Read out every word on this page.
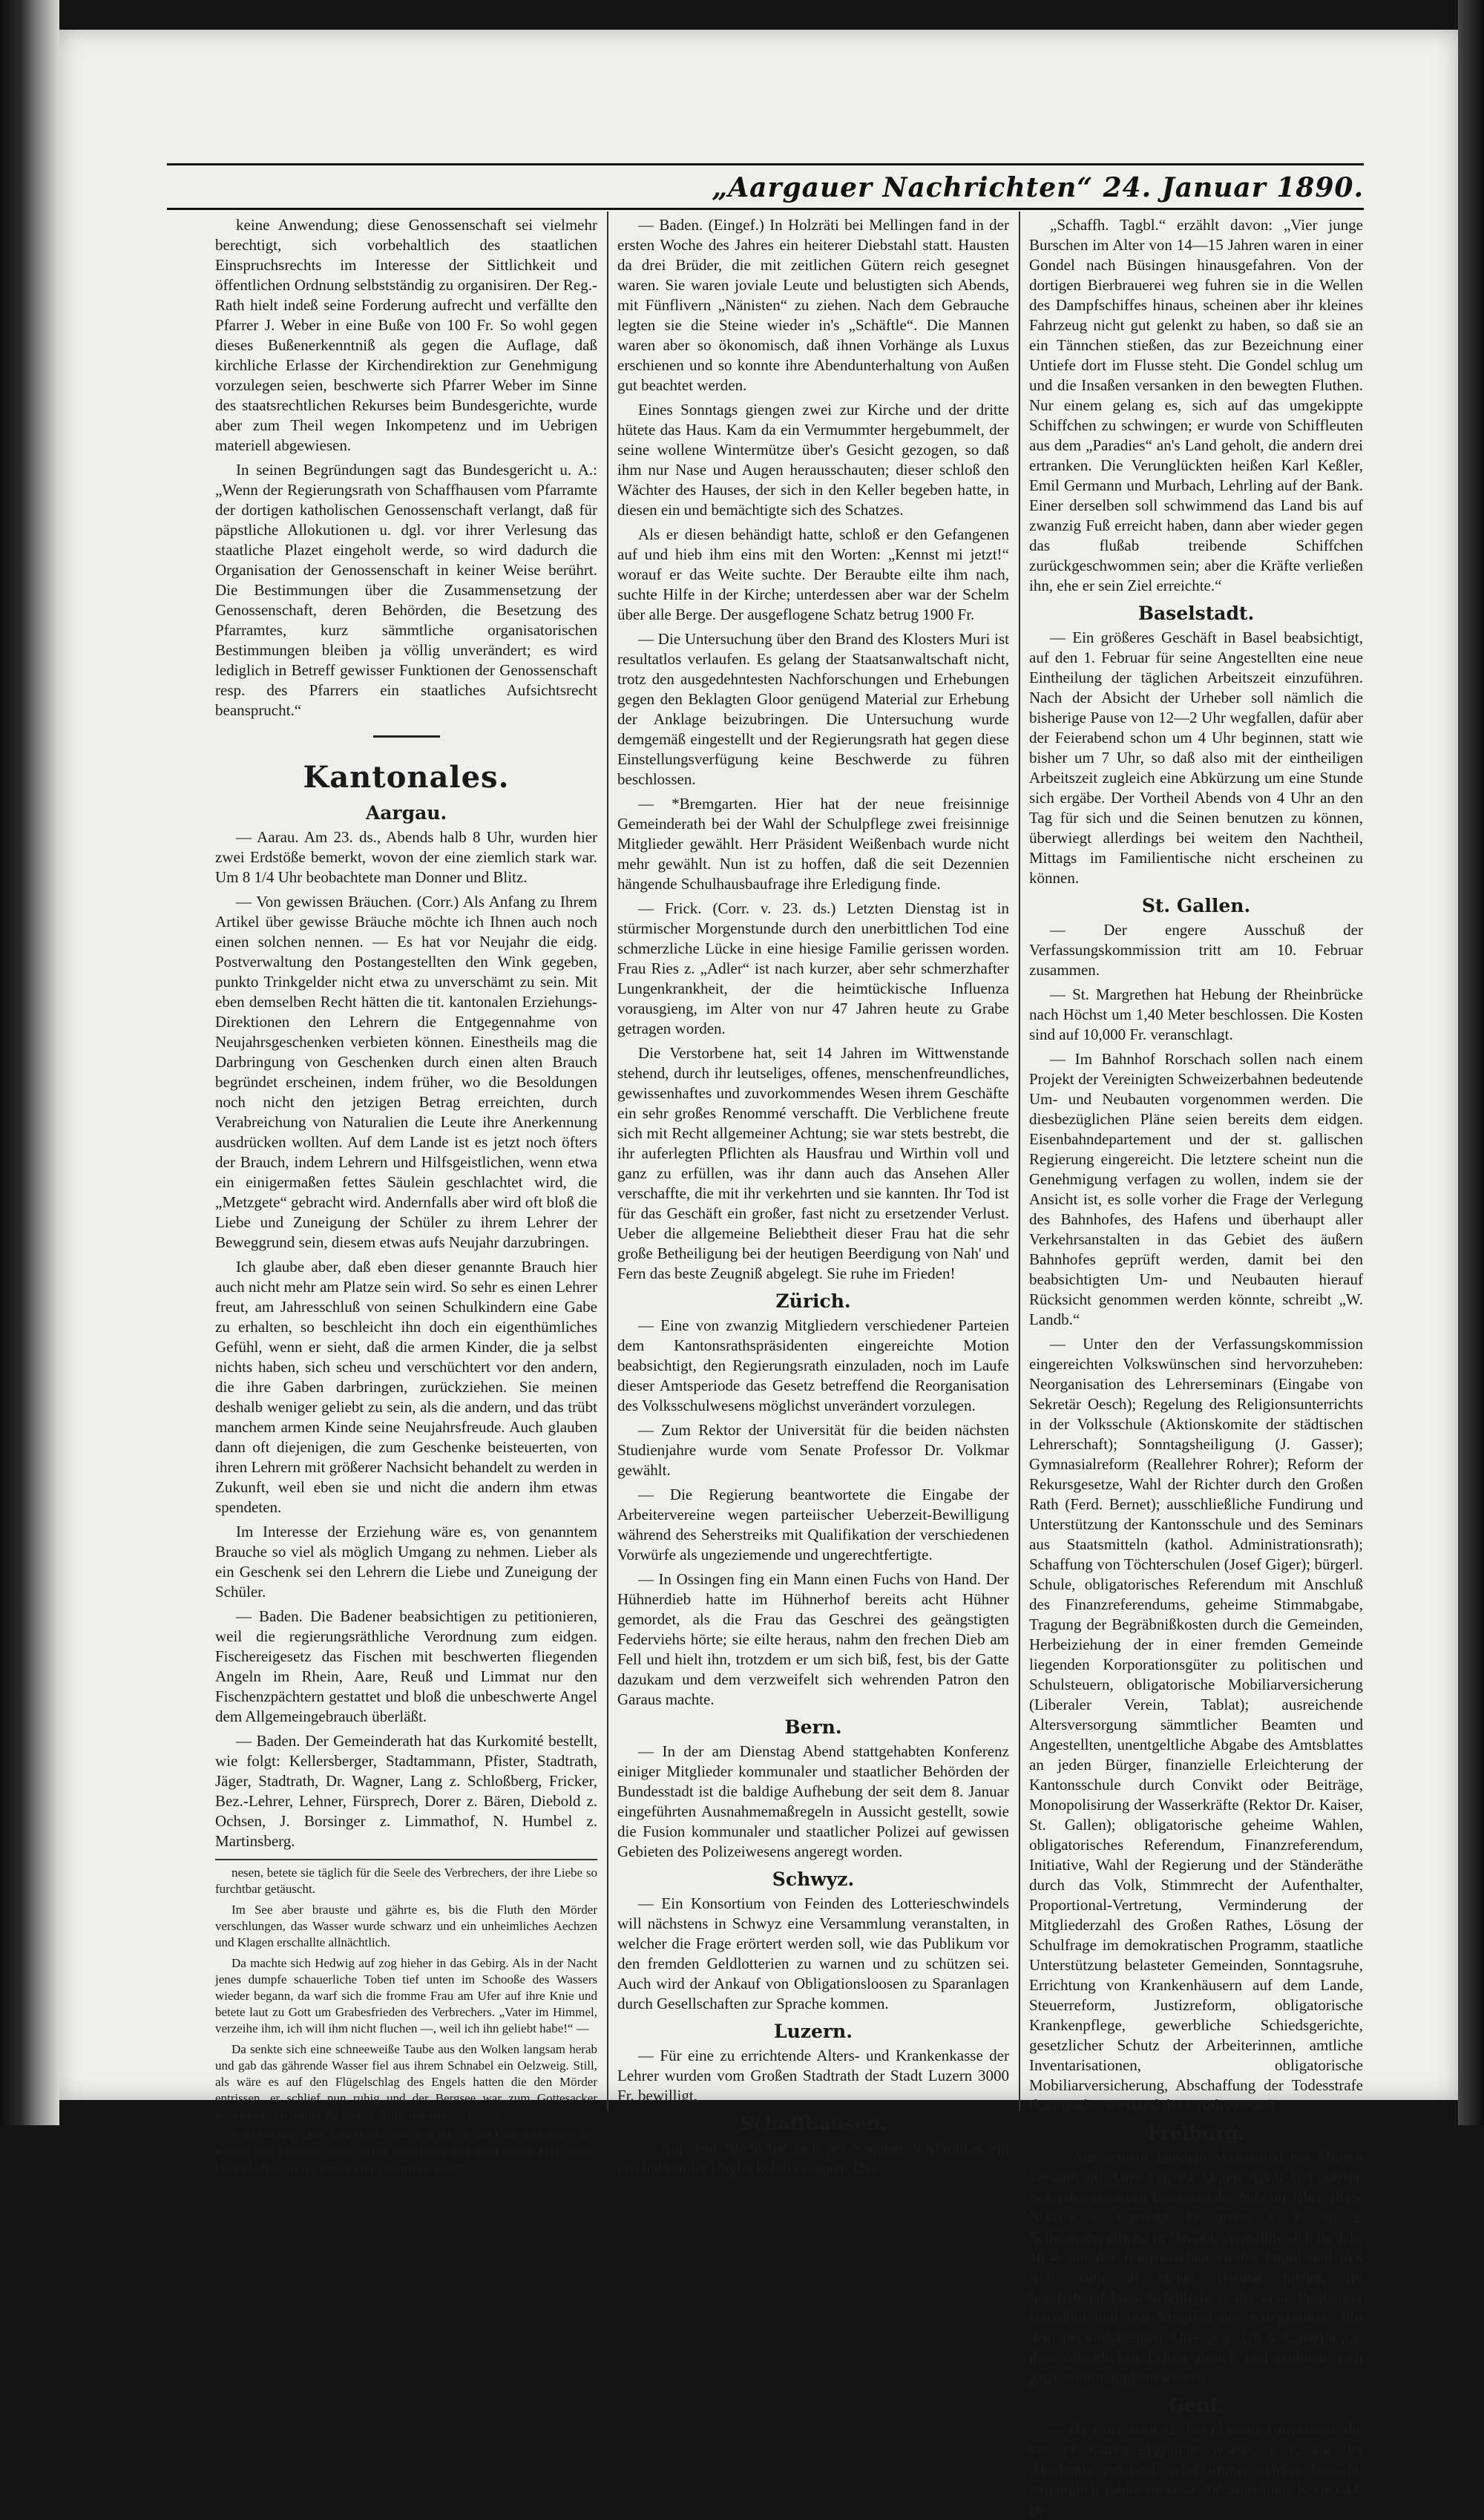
„Aargauer Nachrichten“ 24. Januar 1890.

keine Anwendung; diese Genossenschaft sei vielmehr berechtigt, sich vorbehaltlich des staatlichen Einspruchsrechts im Interesse der Sittlichkeit und öffentlichen Ordnung selbstständig zu organisiren. Der Reg.-Rath hielt indeß seine Forderung aufrecht und verfällte den Pfarrer J. Weber in eine Buße von 100 Fr. So wohl gegen dieses Bußenerkenntniß als gegen die Auflage, daß kirchliche Erlasse der Kirchendirektion zur Genehmigung vorzulegen seien, beschwerte sich Pfarrer Weber im Sinne des staatsrechtlichen Rekurses beim Bundesgerichte, wurde aber zum Theil wegen Inkompetenz und im Uebrigen materiell abgewiesen.

In seinen Begründungen sagt das Bundesgericht u. A.: „Wenn der Regierungsrath von Schaffhausen vom Pfarramte der dortigen katholischen Genossenschaft verlangt, daß für päpstliche Allokutionen u. dgl. vor ihrer Verlesung das staatliche Plazet eingeholt werde, so wird dadurch die Organisation der Genossenschaft in keiner Weise berührt. Die Bestimmungen über die Zusammensetzung der Genossenschaft, deren Behörden, die Besetzung des Pfarramtes, kurz sämmtliche organisatorischen Bestimmungen bleiben ja völlig unverändert; es wird lediglich in Betreff gewisser Funktionen der Genossenschaft resp. des Pfarrers ein staatliches Aufsichtsrecht beansprucht.“

Kantonales.
Aargau.

— Aarau. Am 23. ds., Abends halb 8 Uhr, wurden hier zwei Erdstöße bemerkt, wovon der eine ziemlich stark war. Um 8 1/4 Uhr beobachtete man Donner und Blitz.

— Von gewissen Bräuchen. (Corr.) Als Anfang zu Ihrem Artikel über gewisse Bräuche möchte ich Ihnen auch noch einen solchen nennen. — Es hat vor Neujahr die eidg. Postverwaltung den Postangestellten den Wink gegeben, punkto Trinkgelder nicht etwa zu unverschämt zu sein. Mit eben demselben Recht hätten die tit. kantonalen Erziehungs-Direktionen den Lehrern die Entgegennahme von Neujahrsgeschenken verbieten können. Einestheils mag die Darbringung von Geschenken durch einen alten Brauch begründet erscheinen, indem früher, wo die Besoldungen noch nicht den jetzigen Betrag erreichten, durch Verabreichung von Naturalien die Leute ihre Anerkennung ausdrücken wollten. Auf dem Lande ist es jetzt noch öfters der Brauch, indem Lehrern und Hilfsgeistlichen, wenn etwa ein einigermaßen fettes Säulein geschlachtet wird, die „Metzgete“ gebracht wird. Andernfalls aber wird oft bloß die Liebe und Zuneigung der Schüler zu ihrem Lehrer der Beweggrund sein, diesem etwas aufs Neujahr darzubringen.

Ich glaube aber, daß eben dieser genannte Brauch hier auch nicht mehr am Platze sein wird. So sehr es einen Lehrer freut, am Jahresschluß von seinen Schulkindern eine Gabe zu erhalten, so beschleicht ihn doch ein eigenthümliches Gefühl, wenn er sieht, daß die armen Kinder, die ja selbst nichts haben, sich scheu und verschüchtert vor den andern, die ihre Gaben darbringen, zurückziehen. Sie meinen deshalb weniger geliebt zu sein, als die andern, und das trübt manchem armen Kinde seine Neujahrsfreude. Auch glauben dann oft diejenigen, die zum Geschenke beisteuerten, von ihren Lehrern mit größerer Nachsicht behandelt zu werden in Zukunft, weil eben sie und nicht die andern ihm etwas spendeten.

Im Interesse der Erziehung wäre es, von genanntem Brauche so viel als möglich Umgang zu nehmen. Lieber als ein Geschenk sei den Lehrern die Liebe und Zuneigung der Schüler.

— Baden. Die Badener beabsichtigen zu petitionieren, weil die regierungsräthliche Verordnung zum eidgen. Fischereigesetz das Fischen mit beschwerten fliegenden Angeln im Rhein, Aare, Reuß und Limmat nur den Fischenzpächtern gestattet und bloß die unbeschwerte Angel dem Allgemeingebrauch überläßt.

— Baden. Der Gemeinderath hat das Kurkomité bestellt, wie folgt: Kellersberger, Stadtammann, Pfister, Stadtrath, Jäger, Stadtrath, Dr. Wagner, Lang z. Schloßberg, Fricker, Bez.-Lehrer, Lehner, Fürsprech, Dorer z. Bären, Diebold z. Ochsen, J. Borsinger z. Limmathof, N. Humbel z. Martinsberg.

nesen, betete sie täglich für die Seele des Verbrechers, der ihre Liebe so furchtbar getäuscht.

Im See aber brauste und gährte es, bis die Fluth den Mörder verschlungen, das Wasser wurde schwarz und ein unheimliches Aechzen und Klagen erschallte allnächtlich.

Da machte sich Hedwig auf zog hieher in das Gebirg. Als in der Nacht jenes dumpfe schauerliche Toben tief unten im Schooße des Wassers wieder begann, da warf sich die fromme Frau am Ufer auf ihre Knie und betete laut zu Gott um Grabesfrieden des Verbrechers. „Vater im Himmel, verzeihe ihm, ich will ihm nicht fluchen —, weil ich ihn geliebt habe!“ —

Da senkte sich eine schneeweiße Taube aus den Wolken langsam herab und gab das gährende Wasser fiel aus ihrem Schnabel ein Oelzweig. Still, als wäre es auf den Flügelschlag des Engels hatten die den Mörder entrissen, er schlief nun ruhig und der Bergsee war zum Gottesacker geworden, wo nichts die heilige Ruhe des Grabes störte!“

Frau Hedwig aber zum Danke aber brachte sie auf Gott dort hinter den Felsen eine kleine Kapelle, deren Ueberreste wir noch sehen. Das, meine Herrschaften, ist die Geschichte des stillen Sees!“

— Baden. (Eingef.) In Holzräti bei Mellingen fand in der ersten Woche des Jahres ein heiterer Diebstahl statt. Hausten da drei Brüder, die mit zeitlichen Gütern reich gesegnet waren. Sie waren joviale Leute und belustigten sich Abends, mit Fünflivern „Nänisten“ zu ziehen. Nach dem Gebrauche legten sie die Steine wieder in's „Schäftle“. Die Mannen waren aber so ökonomisch, daß ihnen Vorhänge als Luxus erschienen und so konnte ihre Abendunterhaltung von Außen gut beachtet werden.

Eines Sonntags giengen zwei zur Kirche und der dritte hütete das Haus. Kam da ein Vermummter hergebummelt, der seine wollene Wintermütze über's Gesicht gezogen, so daß ihm nur Nase und Augen herausschauten; dieser schloß den Wächter des Hauses, der sich in den Keller begeben hatte, in diesen ein und bemächtigte sich des Schatzes.

Als er diesen behändigt hatte, schloß er den Gefangenen auf und hieb ihm eins mit den Worten: „Kennst mi jetzt!“ worauf er das Weite suchte. Der Beraubte eilte ihm nach, suchte Hilfe in der Kirche; unterdessen aber war der Schelm über alle Berge. Der ausgeflogene Schatz betrug 1900 Fr.

— Die Untersuchung über den Brand des Klosters Muri ist resultatlos verlaufen. Es gelang der Staatsanwaltschaft nicht, trotz den ausgedehntesten Nachforschungen und Erhebungen gegen den Beklagten Gloor genügend Material zur Erhebung der Anklage beizubringen. Die Untersuchung wurde demgemäß eingestellt und der Regierungsrath hat gegen diese Einstellungsverfügung keine Beschwerde zu führen beschlossen.

— *Bremgarten. Hier hat der neue freisinnige Gemeinderath bei der Wahl der Schulpflege zwei freisinnige Mitglieder gewählt. Herr Präsident Weißenbach wurde nicht mehr gewählt. Nun ist zu hoffen, daß die seit Dezennien hängende Schulhausbaufrage ihre Erledigung finde.

— Frick. (Corr. v. 23. ds.) Letzten Dienstag ist in stürmischer Morgenstunde durch den unerbittlichen Tod eine schmerzliche Lücke in eine hiesige Familie gerissen worden. Frau Ries z. „Adler“ ist nach kurzer, aber sehr schmerzhafter Lungenkrankheit, der die heimtückische Influenza vorausgieng, im Alter von nur 47 Jahren heute zu Grabe getragen worden.

Die Verstorbene hat, seit 14 Jahren im Wittwenstande stehend, durch ihr leutseliges, offenes, menschenfreundliches, gewissenhaftes und zuvorkommendes Wesen ihrem Geschäfte ein sehr großes Renommé verschafft. Die Verblichene freute sich mit Recht allgemeiner Achtung; sie war stets bestrebt, die ihr auferlegten Pflichten als Hausfrau und Wirthin voll und ganz zu erfüllen, was ihr dann auch das Ansehen Aller verschaffte, die mit ihr verkehrten und sie kannten. Ihr Tod ist für das Geschäft ein großer, fast nicht zu ersetzender Verlust. Ueber die allgemeine Beliebtheit dieser Frau hat die sehr große Betheiligung bei der heutigen Beerdigung von Nah' und Fern das beste Zeugniß abgelegt. Sie ruhe im Frieden!

Zürich.

— Eine von zwanzig Mitgliedern verschiedener Parteien dem Kantonsrathspräsidenten eingereichte Motion beabsichtigt, den Regierungsrath einzuladen, noch im Laufe dieser Amtsperiode das Gesetz betreffend die Reorganisation des Volksschulwesens möglichst unverändert vorzulegen.

— Zum Rektor der Universität für die beiden nächsten Studienjahre wurde vom Senate Professor Dr. Volkmar gewählt.

— Die Regierung beantwortete die Eingabe der Arbeitervereine wegen parteiischer Ueberzeit-Bewilligung während des Seherstreiks mit Qualifikation der verschiedenen Vorwürfe als ungeziemende und ungerechtfertigte.

— In Ossingen fing ein Mann einen Fuchs von Hand. Der Hühnerdieb hatte im Hühnerhof bereits acht Hühner gemordet, als die Frau das Geschrei des geängstigten Federviehs hörte; sie eilte heraus, nahm den frechen Dieb am Fell und hielt ihn, trotzdem er um sich biß, fest, bis der Gatte dazukam und dem verzweifelt sich wehrenden Patron den Garaus machte.

Bern.

— In der am Dienstag Abend stattgehabten Konferenz einiger Mitglieder kommunaler und staatlicher Behörden der Bundesstadt ist die baldige Aufhebung der seit dem 8. Januar eingeführten Ausnahmemaßregeln in Aussicht gestellt, sowie die Fusion kommunaler und staatlicher Polizei auf gewissen Gebieten des Polizeiwesens angeregt worden.

Schwyz.

— Ein Konsortium von Feinden des Lotterieschwindels will nächstens in Schwyz eine Versammlung veranstalten, in welcher die Frage erörtert werden soll, wie das Publikum vor den fremden Geldlotterien zu warnen und zu schützen sei. Auch wird der Ankauf von Obligationsloosen zu Sparanlagen durch Gesellschaften zur Sprache kommen.

Luzern.

— Für eine zu errichtende Alters- und Krankenkasse der Lehrer wurden vom Großen Stadtrath der Stadt Luzern 3000 Fr. bewilligt.

Schaffhausen.

— Auf dem Rhein hat sich am Sonntag Nachmittag ein erschütternder Unglücksfall ereignet. Das

„Schaffh. Tagbl.“ erzählt davon: „Vier junge Burschen im Alter von 14—15 Jahren waren in einer Gondel nach Büsingen hinausgefahren. Von der dortigen Bierbrauerei weg fuhren sie in die Wellen des Dampfschiffes hinaus, scheinen aber ihr kleines Fahrzeug nicht gut gelenkt zu haben, so daß sie an ein Tännchen stießen, das zur Bezeichnung einer Untiefe dort im Flusse steht. Die Gondel schlug um und die Insaßen versanken in den bewegten Fluthen. Nur einem gelang es, sich auf das umgekippte Schiffchen zu schwingen; er wurde von Schiffleuten aus dem „Paradies“ an's Land geholt, die andern drei ertranken. Die Verunglückten heißen Karl Keßler, Emil Germann und Murbach, Lehrling auf der Bank. Einer derselben soll schwimmend das Land bis auf zwanzig Fuß erreicht haben, dann aber wieder gegen das flußab treibende Schiffchen zurückgeschwommen sein; aber die Kräfte verließen ihn, ehe er sein Ziel erreichte.“

Baselstadt.

— Ein größeres Geschäft in Basel beabsichtigt, auf den 1. Februar für seine Angestellten eine neue Eintheilung der täglichen Arbeitszeit einzuführen. Nach der Absicht der Urheber soll nämlich die bisherige Pause von 12—2 Uhr wegfallen, dafür aber der Feierabend schon um 4 Uhr beginnen, statt wie bisher um 7 Uhr, so daß also mit der eintheiligen Arbeitszeit zugleich eine Abkürzung um eine Stunde sich ergäbe. Der Vortheil Abends von 4 Uhr an den Tag für sich und die Seinen benutzen zu können, überwiegt allerdings bei weitem den Nachtheil, Mittags im Familientische nicht erscheinen zu können.

St. Gallen.

— Der engere Ausschuß der Verfassungskommission tritt am 10. Februar zusammen.

— St. Margrethen hat Hebung der Rheinbrücke nach Höchst um 1,40 Meter beschlossen. Die Kosten sind auf 10,000 Fr. veranschlagt.

— Im Bahnhof Rorschach sollen nach einem Projekt der Vereinigten Schweizerbahnen bedeutende Um- und Neubauten vorgenommen werden. Die diesbezüglichen Pläne seien bereits dem eidgen. Eisenbahndepartement und der st. gallischen Regierung eingereicht. Die letztere scheint nun die Genehmigung verfagen zu wollen, indem sie der Ansicht ist, es solle vorher die Frage der Verlegung des Bahnhofes, des Hafens und überhaupt aller Verkehrsanstalten in das Gebiet des äußern Bahnhofes geprüft werden, damit bei den beabsichtigten Um- und Neubauten hierauf Rücksicht genommen werden könnte, schreibt „W. Landb.“

— Unter den der Verfassungskommission eingereichten Volkswünschen sind hervorzuheben: Neorganisation des Lehrerseminars (Eingabe von Sekretär Oesch); Regelung des Religionsunterrichts in der Volksschule (Aktionskomite der städtischen Lehrerschaft); Sonntagsheiligung (J. Gasser); Gymnasialreform (Reallehrer Rohrer); Reform der Rekursgesetze, Wahl der Richter durch den Großen Rath (Ferd. Bernet); ausschließliche Fundirung und Unterstützung der Kantonsschule und des Seminars aus Staatsmitteln (kathol. Administrationsrath); Schaffung von Töchterschulen (Josef Giger); bürgerl. Schule, obligatorisches Referendum mit Anschluß des Finanzreferendums, geheime Stimmabgabe, Tragung der Begräbnißkosten durch die Gemeinden, Herbeiziehung der in einer fremden Gemeinde liegenden Korporationsgüter zu politischen und Schulsteuern, obligatorische Mobiliarversicherung (Liberaler Verein, Tablat); ausreichende Altersversorgung sämmtlicher Beamten und Angestellten, unentgeltliche Abgabe des Amtsblattes an jeden Bürger, finanzielle Erleichterung der Kantonsschule durch Convikt oder Beiträge, Monopolisirung der Wasserkräfte (Rektor Dr. Kaiser, St. Gallen); obligatorische geheime Wahlen, obligatorisches Referendum, Finanzreferendum, Initiative, Wahl der Regierung und der Ständeräthe durch das Volk, Stimmrecht der Aufenthalter, Proportional-Vertretung, Verminderung der Mitgliederzahl des Großen Rathes, Lösung der Schulfrage im demokratischen Programm, staatliche Unterstützung belasteter Gemeinden, Sonntagsruhe, Errichtung von Krankenhäusern auf dem Lande, Steuerreform, Justizreform, obligatorische Krankenpflege, gewerbliche Schiedsgerichte, gesetzlicher Schutz der Arbeiterinnen, amtliche Inventarisationen, obligatorische Mobiliarversicherung, Abschaffung der Todesstrafe (kantonaler Vorstand der Grütlivereine).

Freiburg.

— Auf seinem Landgut Wallenried bei Murten verstarb im Alter von 84 Jahren Adolf v. Castella, Sohn des einstigen Generalstabschefs im Jahre 1815, Niklaus v. Castella. Er diente s. Z. im 2. Schweizerregiment in Neapel, vermählte sich im Jahr 1834 mit der französischen Gräfin Pugol und ließ sich dann in seiner Heimat nieder. Im Sonderbundskrieg befehligte er das erste Freiburger Bataillon und war Mitglied des Kriegsrathes. Mit dem heranrückenden Alter zog sich v. Castella aus dem öffentlichen Leben zurück und widmete sich ganz Wohlthätigkeitswerken.

Genf.

— (B. Corr. vom 22. Jan.) Unsere Universität, die vor 14 Jahren gegründet wurde, d. h. aus der Akademie entstand, wird immer stärker besucht. Anfänglich zählte sie etwa 200 Studenten, heute 644. Be-
